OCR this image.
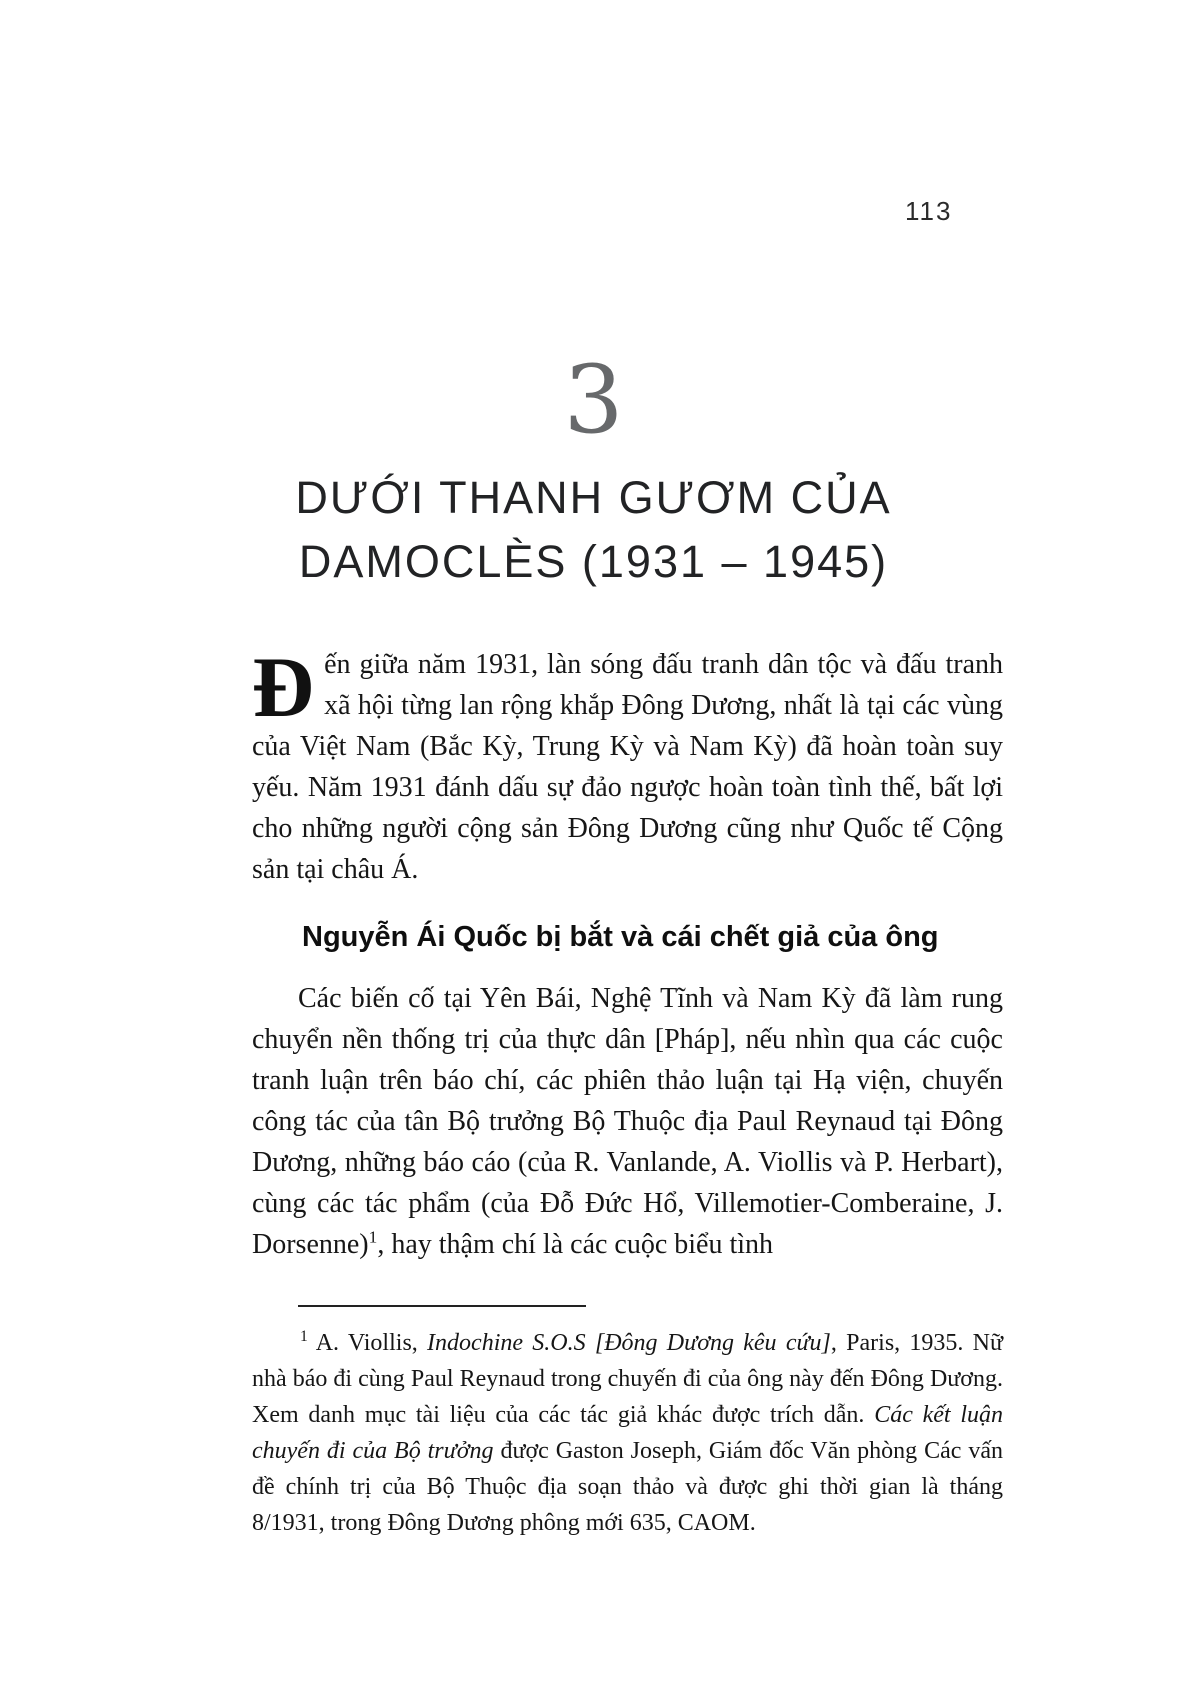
113
3
DƯỚI THANH GƯƠM CỦA
DAMOCLÈS (1931 – 1945)

Đến giữa năm 1931, làn sóng đấu tranh dân tộc và đấu tranh xã hội từng lan rộng khắp Đông Dương, nhất là tại các vùng của Việt Nam (Bắc Kỳ, Trung Kỳ và Nam Kỳ) đã hoàn toàn suy yếu. Năm 1931 đánh dấu sự đảo ngược hoàn toàn tình thế, bất lợi cho những người cộng sản Đông Dương cũng như Quốc tế Cộng sản tại châu Á.

Nguyễn Ái Quốc bị bắt và cái chết giả của ông

Các biến cố tại Yên Bái, Nghệ Tĩnh và Nam Kỳ đã làm rung chuyển nền thống trị của thực dân [Pháp], nếu nhìn qua các cuộc tranh luận trên báo chí, các phiên thảo luận tại Hạ viện, chuyến công tác của tân Bộ trưởng Bộ Thuộc địa Paul Reynaud tại Đông Dương, những báo cáo (của R. Vanlande, A. Viollis và P. Herbart), cùng các tác phẩm (của Đỗ Đức Hổ, Villemotier-Comberaine, J. Dorsenne)$^1$, hay thậm chí là các cuộc biểu tình

$^1$ A. Viollis, Indochine S.O.S [Đông Dương kêu cứu], Paris, 1935. Nữ nhà báo đi cùng Paul Reynaud trong chuyến đi của ông này đến Đông Dương. Xem danh mục tài liệu của các tác giả khác được trích dẫn. Các kết luận chuyến đi của Bộ trưởng được Gaston Joseph, Giám đốc Văn phòng Các vấn đề chính trị của Bộ Thuộc địa soạn thảo và được ghi thời gian là tháng 8/1931, trong Đông Dương phông mới 635, CAOM.
